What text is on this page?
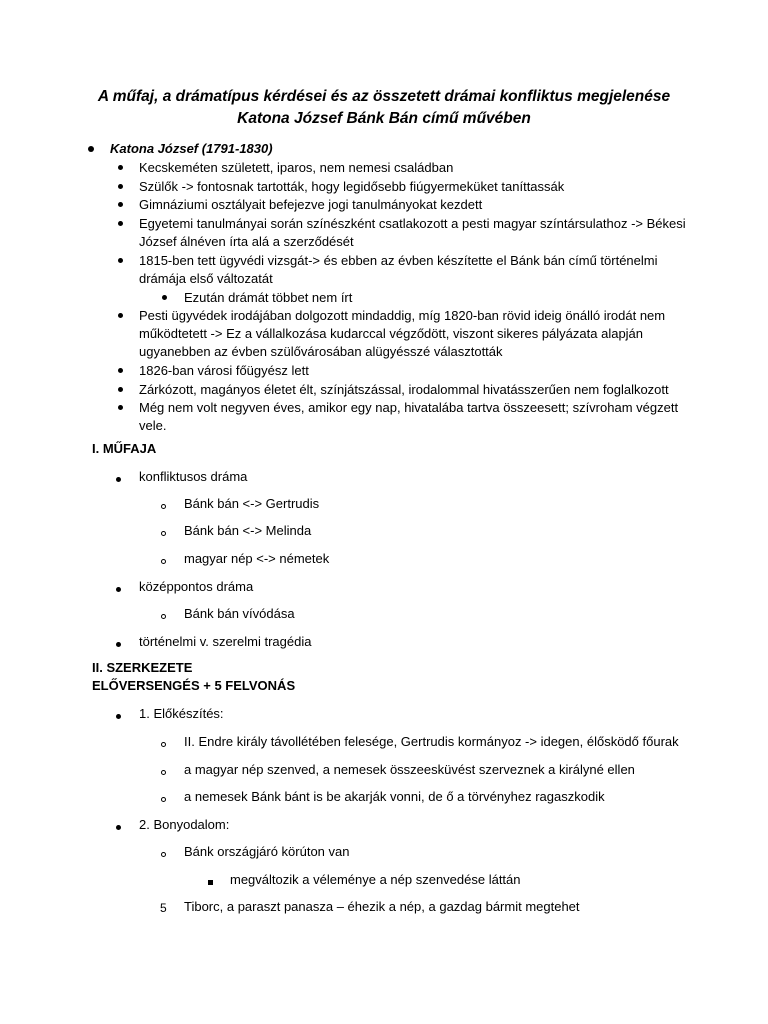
A műfaj, a drámatípus kérdései és az összetett drámai konfliktus megjelenése
Katona József Bánk Bán című művében
Katona József (1791-1830)
Kecskeméten született, iparos, nem nemesi családban
Szülők -> fontosnak tartották, hogy legidősebb fiúgyermeküket taníttassák
Gimnáziumi osztályait befejezve jogi tanulmányokat kezdett
Egyetemi tanulmányai során színészként csatlakozott a pesti magyar színtársulathoz -> Békesi
József álnéven írta alá a szerződését
1815-ben tett ügyvédi vizsgát-> és ebben az évben készítette el Bánk bán című történelmi
drámája első változatát
Ezután drámát többet nem írt
Pesti ügyvédek irodájában dolgozott mindaddig, míg 1820-ban rövid ideig önálló irodát nem
működtetett -> Ez a vállalkozása kudarccal végződött, viszont sikeres pályázata alapján
ugyanebben az évben szülővárosában alügyésszé választották
1826-ban városi főügyész lett
Zárkózott, magányos életet élt, színjátszással, irodalommal hivatásszerűen nem foglalkozott
Még nem volt negyven éves, amikor egy nap, hivatalába tartva összeesett; szívroham végzett
vele.
I. MŰFAJA
konfliktusos dráma
Bánk bán <-> Gertrudis
Bánk bán <-> Melinda
magyar nép <-> németek
középpontos dráma
Bánk bán vívódása
történelmi v. szerelmi tragédia
II. SZERKEZETE
ELŐVERSENGÉS + 5 FELVONÁS
1. Előkészítés:
II. Endre király távollétében felesége, Gertrudis kormányoz -> idegen, élősködő főurak
a magyar nép szenved, a nemesek összeesküvést szerveznek a királyné ellen
a nemesek Bánk bánt is be akarják vonni, de ő a törvényhez ragaszkodik
2. Bonyodalom:
Bánk országjáró körúton van
megváltozik a véleménye a nép szenvedése láttán
5 Tiborc, a paraszt panasza – éhezik a nép, a gazdag bármit megtehet
